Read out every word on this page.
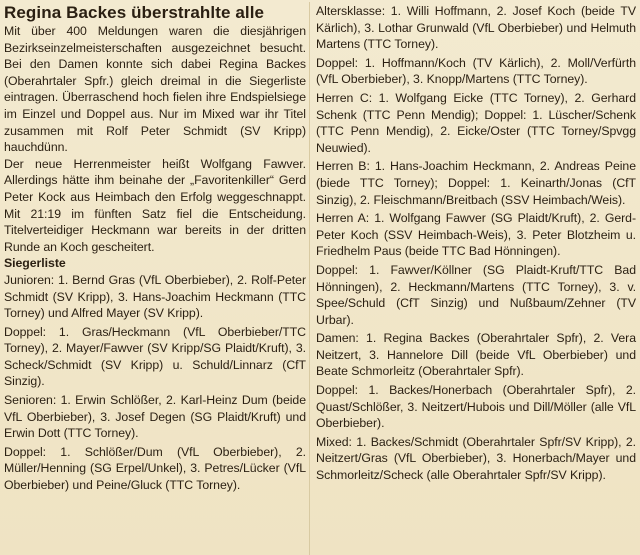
Regina Backes überstrahlte alle

Mit über 400 Meldungen waren die diesjährigen Bezirkseinzelmeisterschaften ausgezeichnet besucht. Bei den Damen konnte sich dabei Regina Backes (Oberahrtaler Spfr.) gleich dreimal in die Siegerliste eintragen. Überraschend hoch fielen ihre Endspielsiege im Einzel und Doppel aus. Nur im Mixed war ihr Titel zusammen mit Rolf Peter Schmidt (SV Kripp) hauchdünn.

Der neue Herrenmeister heißt Wolfgang Fawver. Allerdings hätte ihm beinahe der „Favoritenkiller“ Gerd Peter Kock aus Heimbach den Erfolg weggeschnappt. Mit 21:19 im fünften Satz fiel die Entscheidung. Titelverteidiger Heckmann war bereits in der dritten Runde an Koch gescheitert.

Siegerliste

Junioren: 1. Bernd Gras (VfL Oberbieber), 2. Rolf-Peter Schmidt (SV Kripp), 3. Hans-Joachim Heckmann (TTC Torney) und Alfred Mayer (SV Kripp).

Doppel: 1. Gras/Heckmann (VfL Oberbieber/TTC Torney), 2. Mayer/Fawver (SV Kripp/SG Plaidt/Kruft), 3. Scheck/Schmidt (SV Kripp) u. Schuld/Linnarz (CfT Sinzig).

Senioren: 1. Erwin Schlößer, 2. Karl-Heinz Dum (beide VfL Oberbieber), 3. Josef Degen (SG Plaidt/Kruft) und Erwin Dott (TTC Torney).

Doppel: 1. Schlößer/Dum (VfL Oberbieber), 2. Müller/Henning (SG Erpel/Unkel), 3. Petres/Lücker (VfL Oberbieber) und Peine/Gluck (TTC Torney).

Altersklasse: 1. Willi Hoffmann, 2. Josef Koch (beide TV Kärlich), 3. Lothar Grunwald (VfL Oberbieber) und Helmuth Martens (TTC Torney).

Doppel: 1. Hoffmann/Koch (TV Kärlich), 2. Moll/Verfürth (VfL Oberbieber), 3. Knopp/Martens (TTC Torney).

Herren C: 1. Wolfgang Eicke (TTC Torney), 2. Gerhard Schenk (TTC Penn Mendig); Doppel: 1. Lüscher/Schenk (TTC Penn Mendig), 2. Eicke/Oster (TTC Torney/Spvgg Neuwied).

Herren B: 1. Hans-Joachim Heckmann, 2. Andreas Peine (biede TTC Torney); Doppel: 1. Keinarth/Jonas (CfT Sinzig), 2. Fleischmann/Breitbach (SSV Heimbach/Weis).

Herren A: 1. Wolfgang Fawver (SG Plaidt/Kruft), 2. Gerd-Peter Koch (SSV Heimbach-Weis), 3. Peter Blotzheim u. Friedhelm Paus (beide TTC Bad Hönningen).

Doppel: 1. Fawver/Köllner (SG Plaidt-Kruft/TTC Bad Hönningen), 2. Heckmann/Martens (TTC Torney), 3. v. Spee/Schuld (CfT Sinzig) und Nußbaum/Zehner (TV Urbar).

Damen: 1. Regina Backes (Oberahrtaler Spfr), 2. Vera Neitzert, 3. Hannelore Dill (beide VfL Oberbieber) und Beate Schmorleitz (Oberahrtaler Spfr).

Doppel: 1. Backes/Honerbach (Oberahrtaler Spfr), 2. Quast/Schlößer, 3. Neitzert/Hubois und Dill/Möller (alle VfL Oberbieber).

Mixed: 1. Backes/Schmidt (Oberahrtaler Spfr/SV Kripp), 2. Neitzert/Gras (VfL Oberbieber), 3. Honerbach/Mayer und Schmorleitz/Scheck (alle Oberahrtaler Spfr/SV Kripp).
